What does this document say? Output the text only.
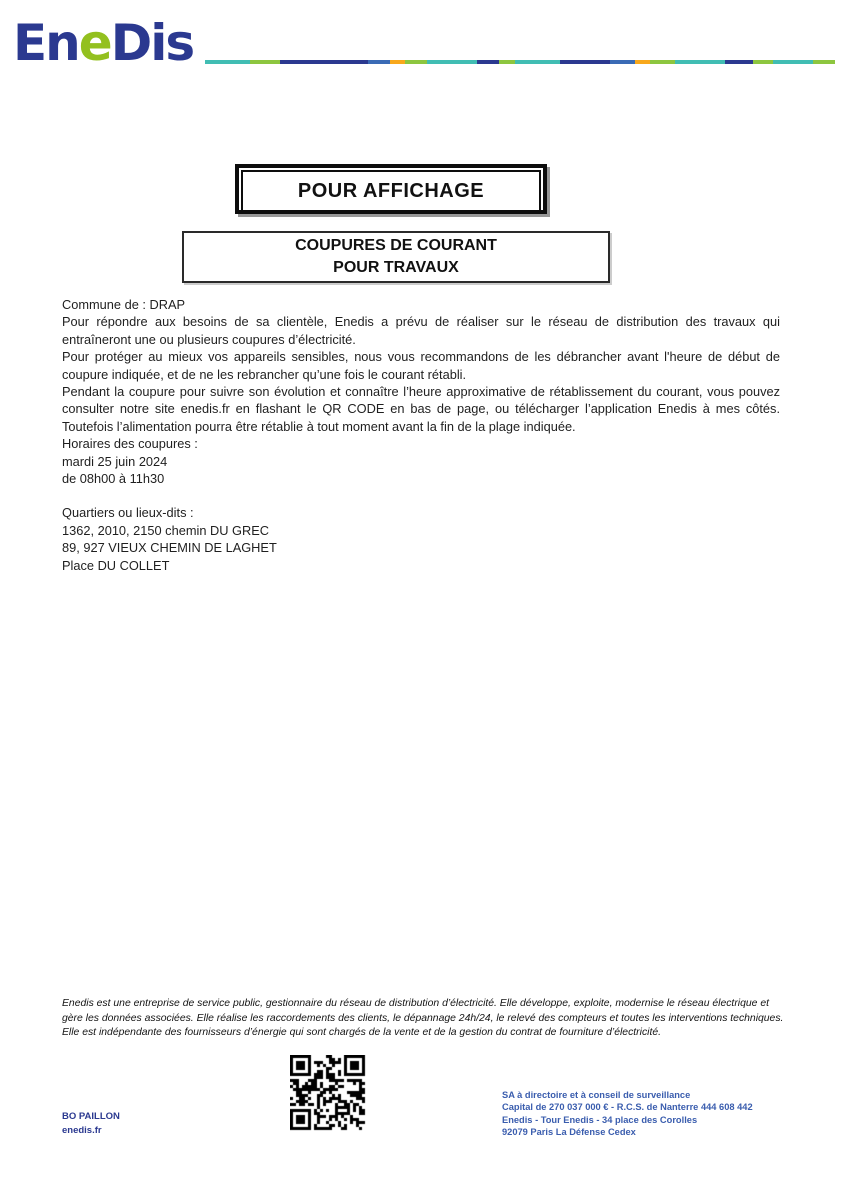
EneDis
POUR AFFICHAGE
COUPURES DE COURANT
POUR TRAVAUX

Commune de : DRAP

Pour répondre aux besoins de sa clientèle, Enedis a prévu de réaliser sur le réseau de distribution des travaux qui entraîneront une ou plusieurs coupures d’électricité.

Pour protéger au mieux vos appareils sensibles, nous vous recommandons de les débrancher avant l'heure de début de coupure indiquée, et de ne les rebrancher qu’une fois le courant rétabli.

Pendant la coupure pour suivre son évolution et connaître l’heure approximative de rétablissement du courant, vous pouvez consulter notre site enedis.fr en flashant le QR CODE en bas de page, ou télécharger l’application Enedis à mes côtés. Toutefois l’alimentation pourra être rétablie à tout moment avant la fin de la plage indiquée.

Horaires des coupures :

mardi 25 juin 2024

de 08h00 à 11h30

Quartiers ou lieux-dits :

1362, 2010, 2150 chemin DU GREC

89, 927 VIEUX CHEMIN DE LAGHET

Place DU COLLET

Enedis est une entreprise de service public, gestionnaire du réseau de distribution d’électricité. Elle développe, exploite, modernise le réseau électrique et gère les données associées. Elle réalise les raccordements des clients, le dépannage 24h/24, le relevé des compteurs et toutes les interventions techniques. Elle est indépendante des fournisseurs d’énergie qui sont chargés de la vente et de la gestion du contrat de fourniture d’électricité.
BO PAILLON
enedis.fr
SA à directoire et à conseil de surveillance
Capital de 270 037 000 € - R.C.S. de Nanterre 444 608 442
Enedis - Tour Enedis - 34 place des Corolles
92079 Paris La Défense Cedex
